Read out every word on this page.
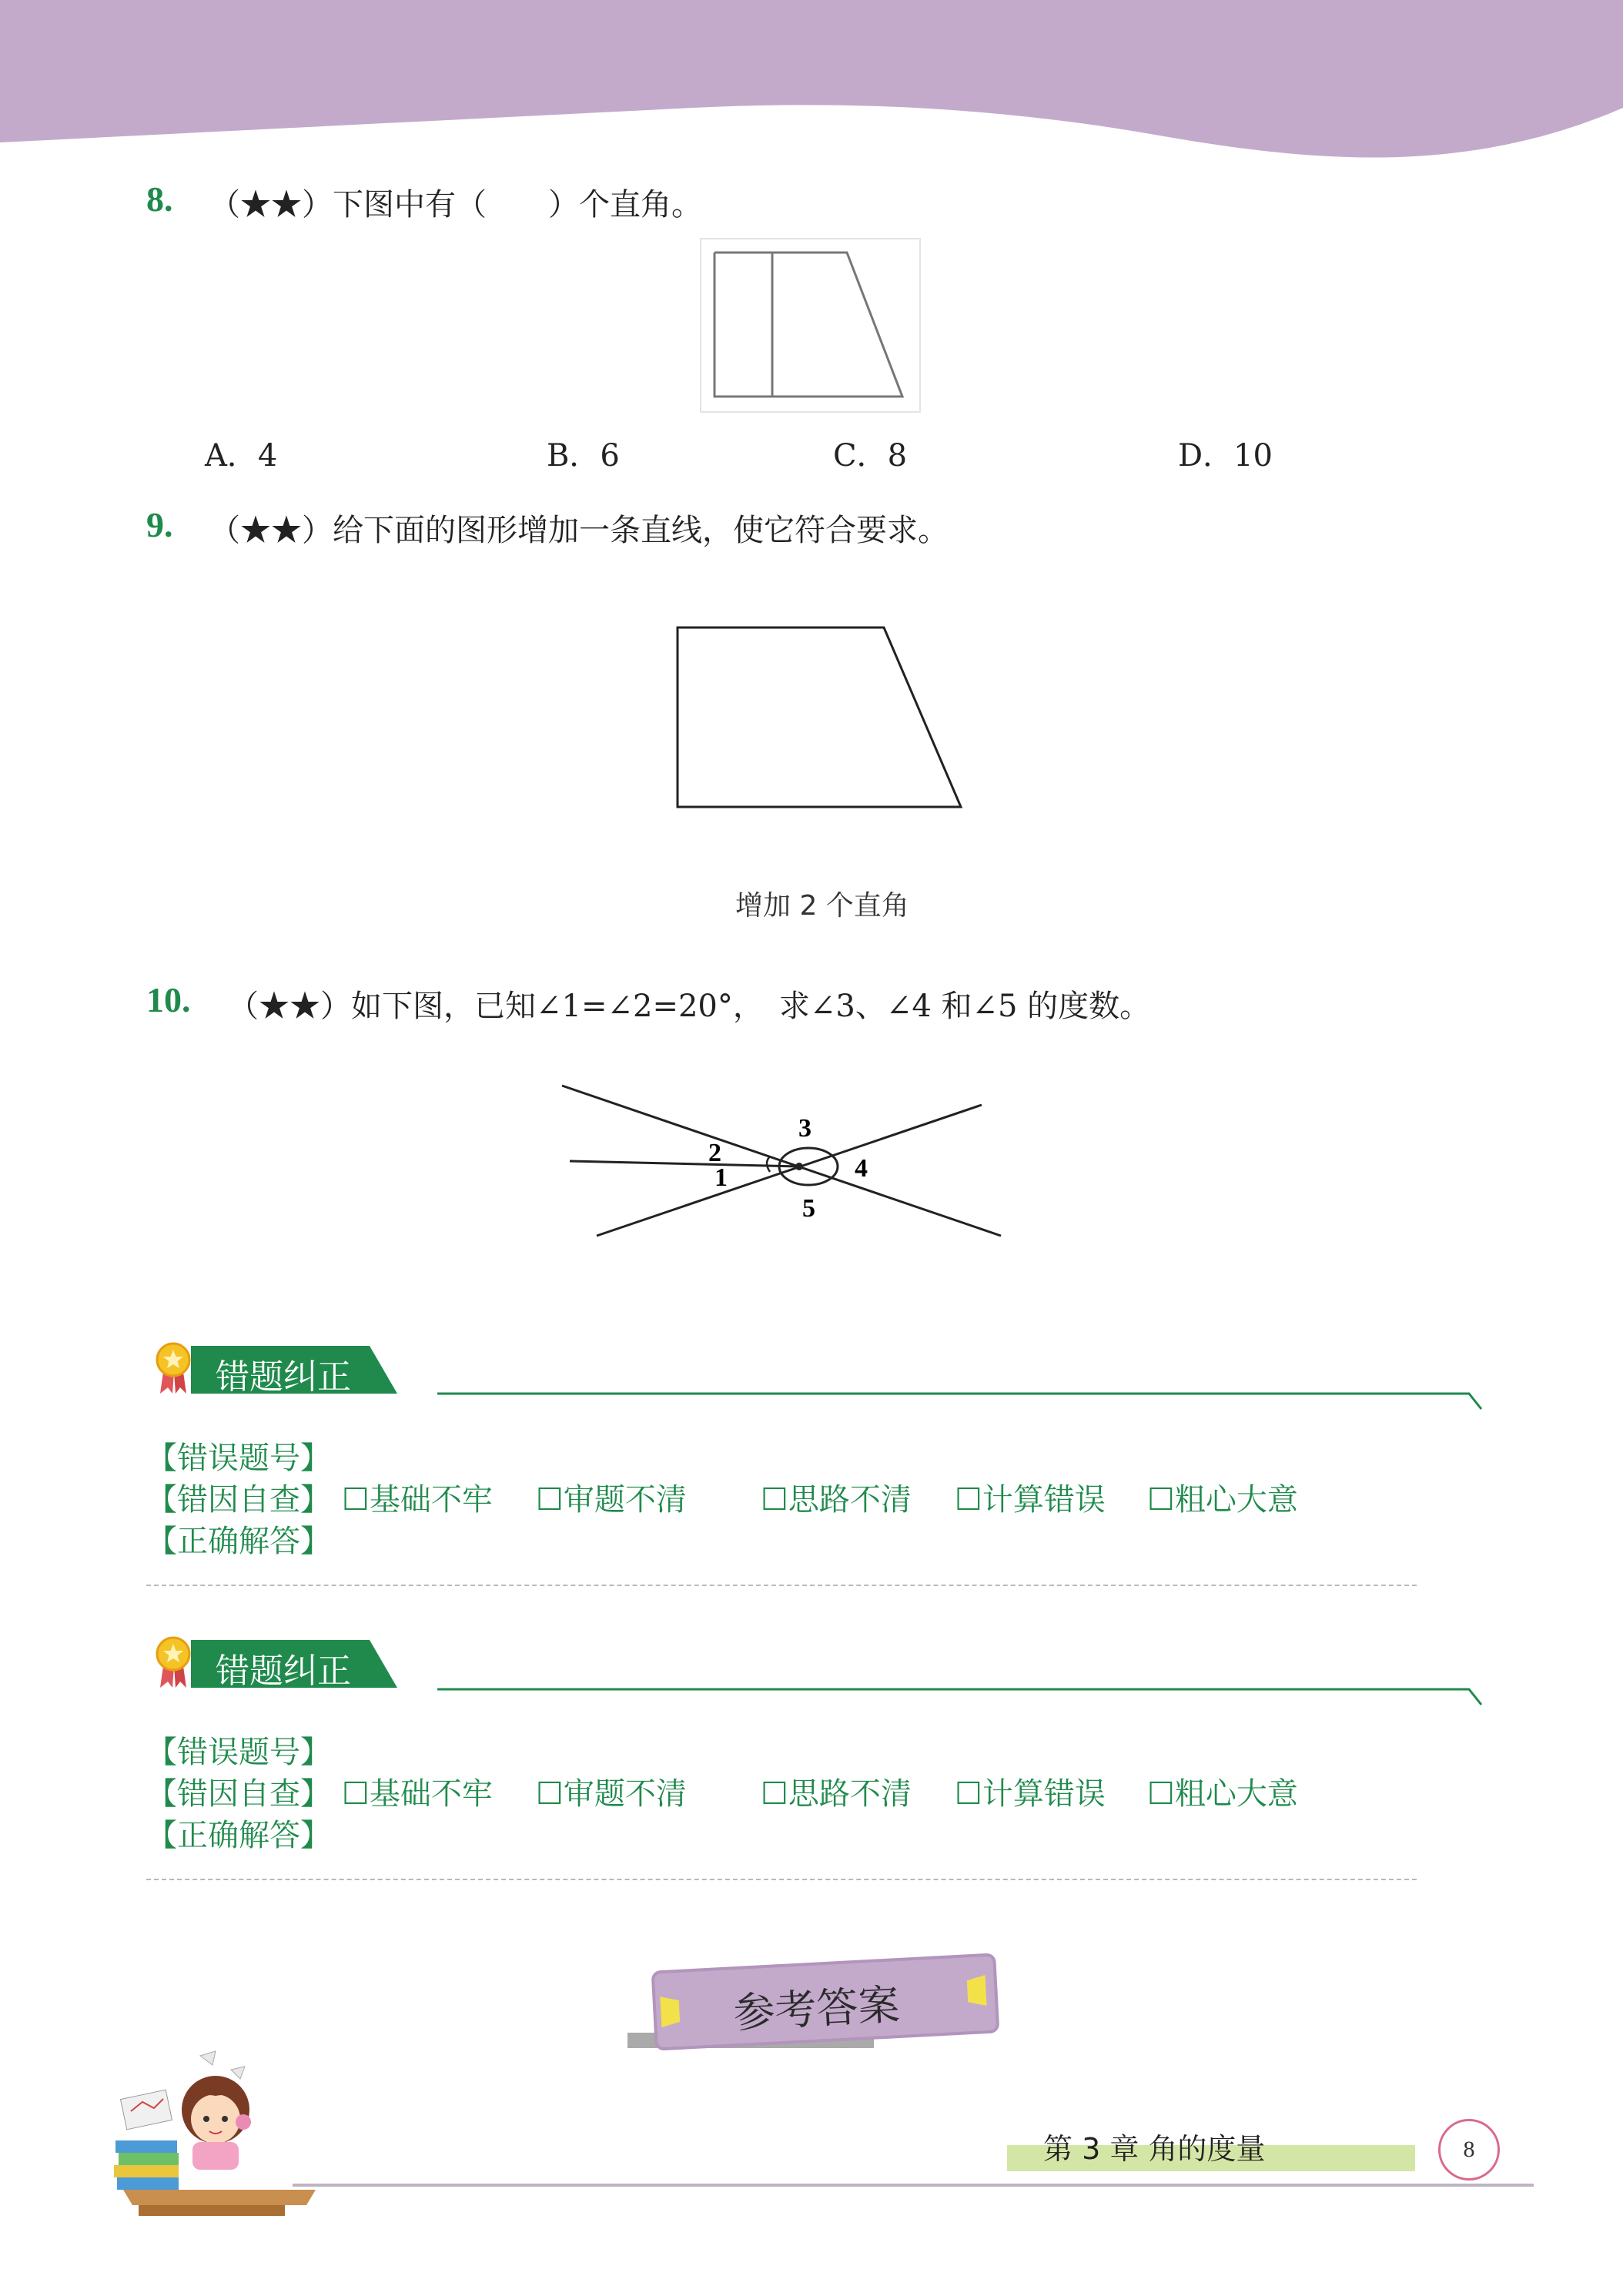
8. （★★）下图中有（　　）个直角。
A．4	B．6	C．8	D．10
9. （★★）给下面的图形增加一条直线，使它符合要求。
增加 2 个直角
10. （★★）如下图，已知∠1=∠2=20°，　求∠3、∠4 和∠5 的度数。
2
1
3
4
5
错题纠正
【错误题号】
【错因自查】 ☐基础不牢 ☐审题不清 ☐思路不清 ☐计算错误 ☐粗心大意
【正确解答】
错题纠正
【错误题号】
【错因自查】 ☐基础不牢 ☐审题不清 ☐思路不清 ☐计算错误 ☐粗心大意
【正确解答】
参考答案
第 3 章 角的度量	8
